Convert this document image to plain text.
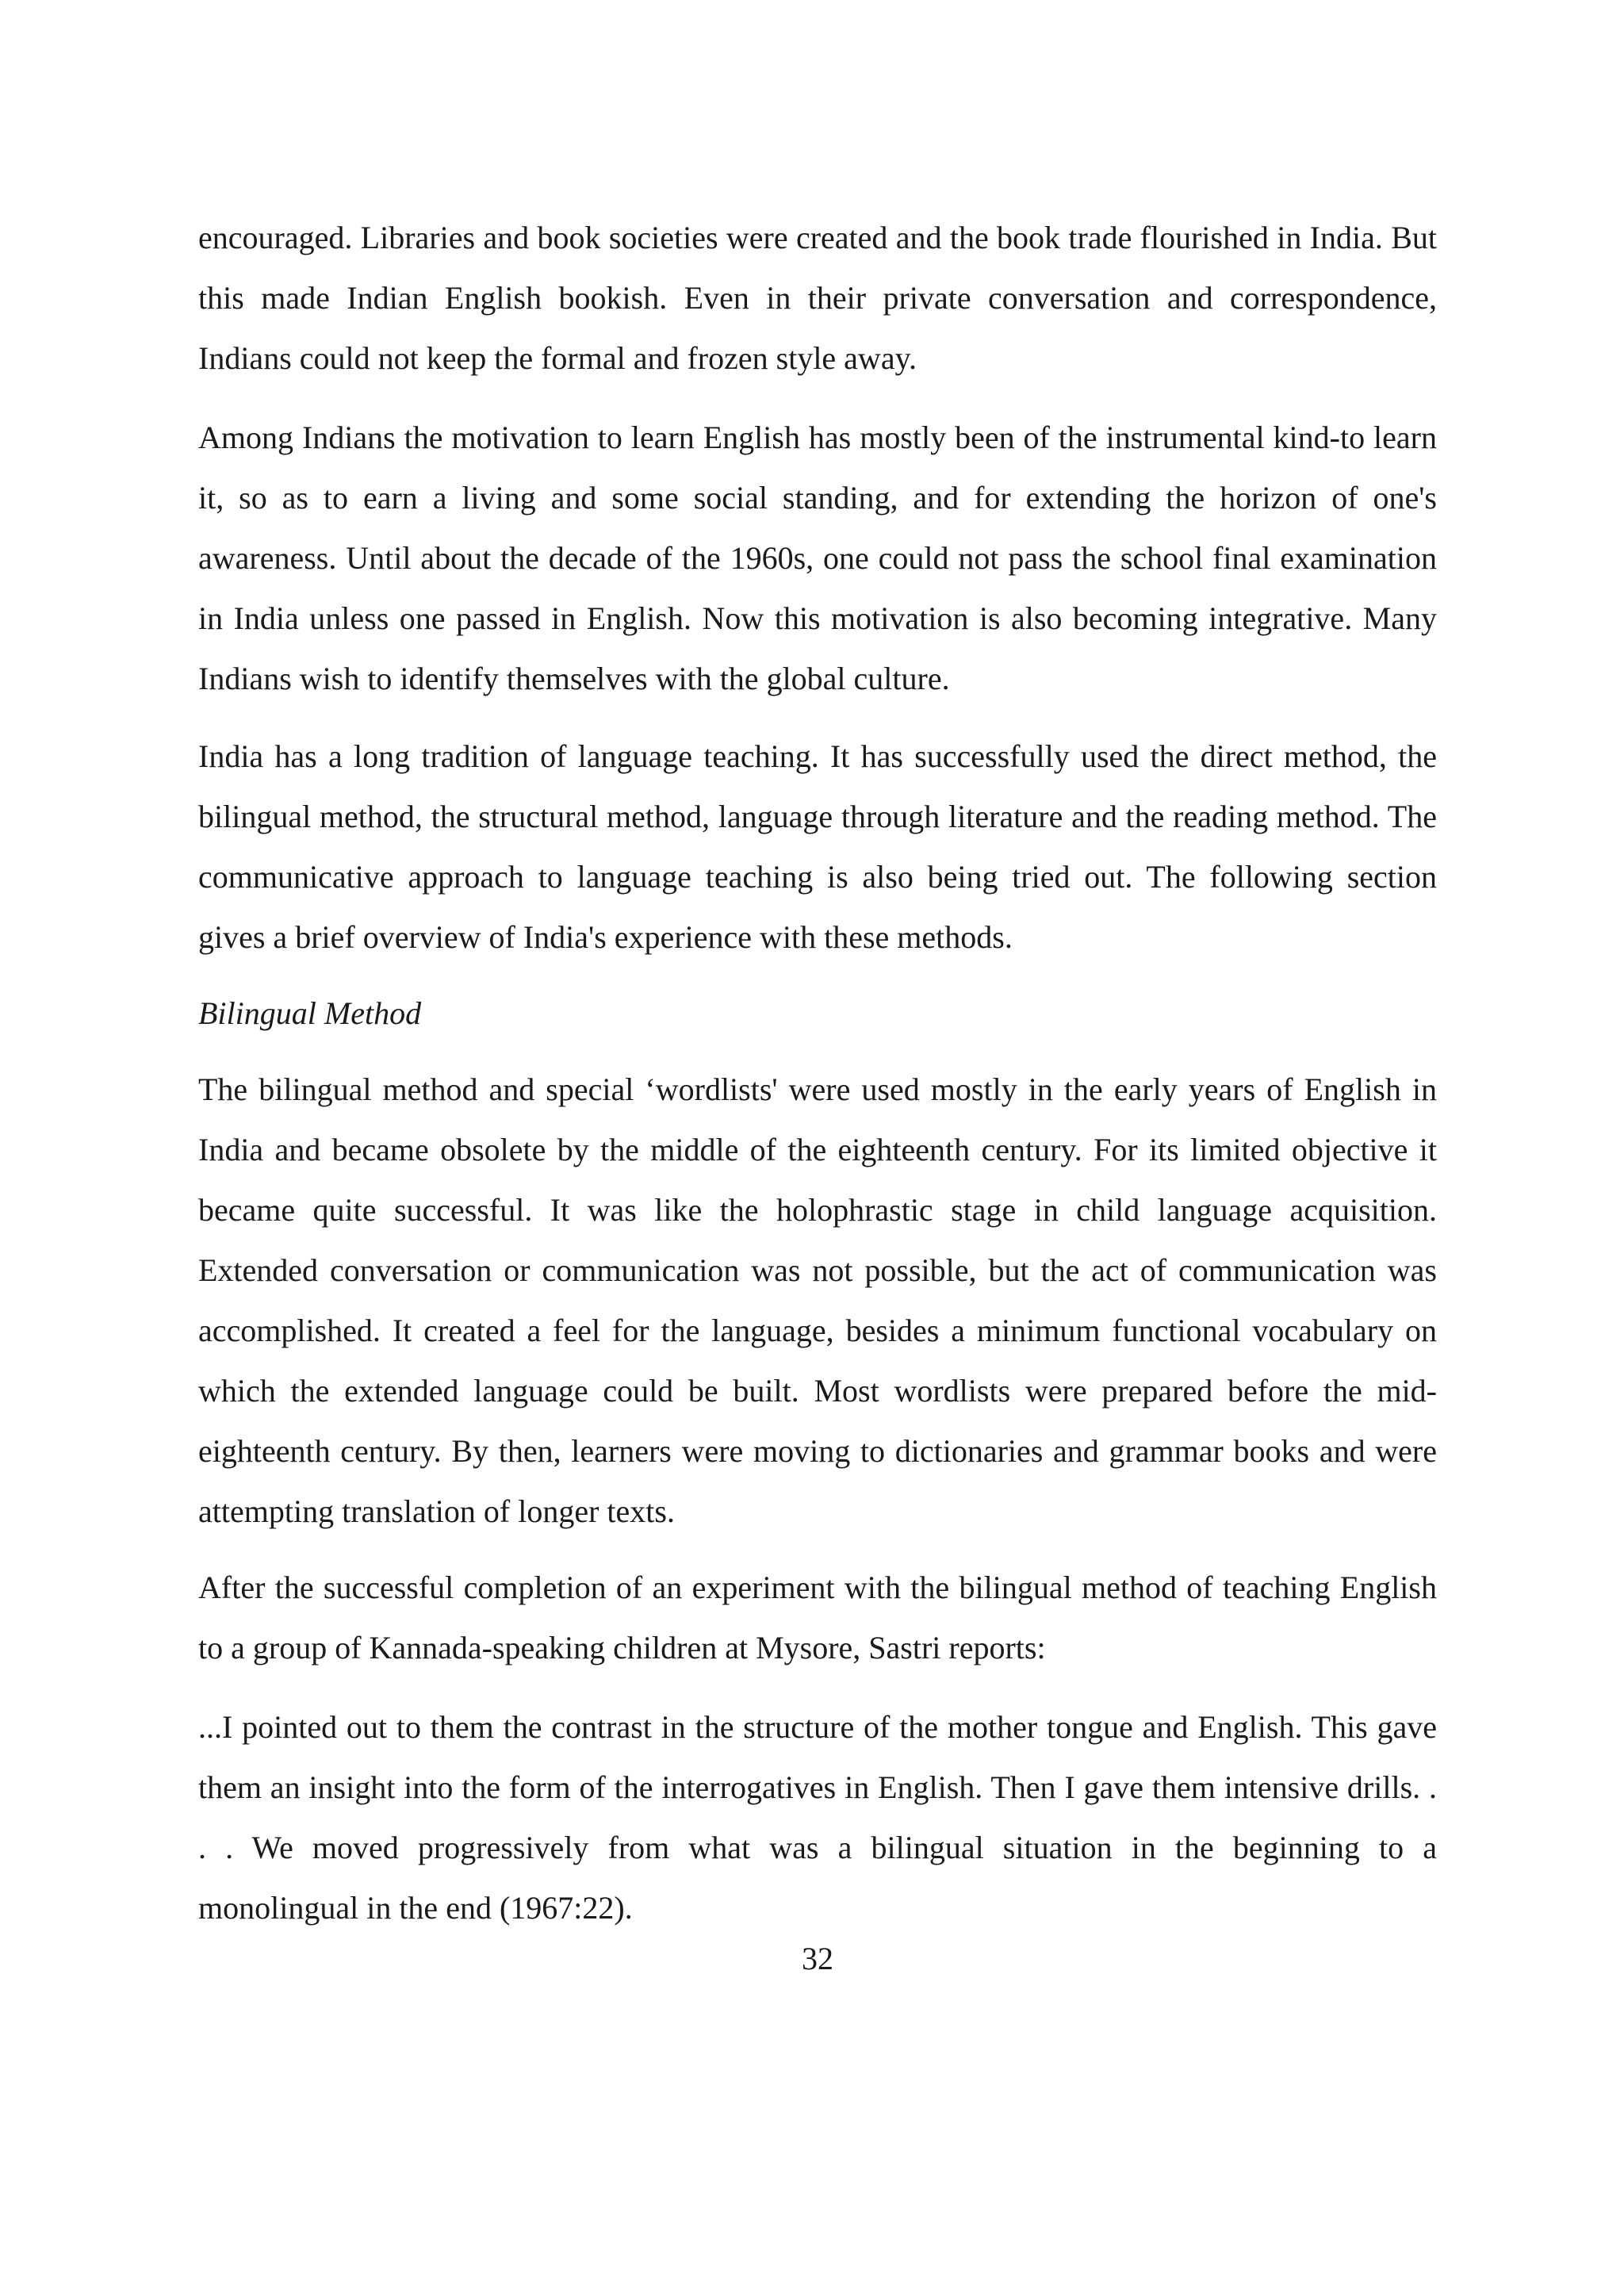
encouraged. Libraries and book societies were created and the book trade flourished in India. But this made Indian English bookish. Even in their private conversation and correspondence, Indians could not keep the formal and frozen style away.

Among Indians the motivation to learn English has mostly been of the instrumental kind-to learn it, so as to earn a living and some social standing, and for extending the horizon of one's awareness. Until about the decade of the 1960s, one could not pass the school final examination in India unless one passed in English. Now this motivation is also becoming integrative. Many Indians wish to identify themselves with the global culture.

India has a long tradition of language teaching. It has successfully used the direct method, the bilingual method, the structural method, language through literature and the reading method. The communicative approach to language teaching is also being tried out. The following section gives a brief overview of India's experience with these methods.

Bilingual Method

The bilingual method and special ‘wordlists' were used mostly in the early years of English in India and became obsolete by the middle of the eighteenth century. For its limited objective it became quite successful. It was like the holophrastic stage in child language acquisition. Extended conversation or communication was not possible, but the act of communication was accomplished. It created a feel for the language, besides a minimum functional vocabulary on which the extended language could be built. Most wordlists were prepared before the mid-eighteenth century. By then, learners were moving to dictionaries and grammar books and were attempting translation of longer texts.

After the successful completion of an experiment with the bilingual method of teaching English to a group of Kannada-speaking children at Mysore, Sastri reports:

...I pointed out to them the contrast in the structure of the mother tongue and English. This gave them an insight into the form of the interrogatives in English. Then I gave them intensive drills. . . . We moved progressively from what was a bilingual situation in the beginning to a monolingual in the end (1967:22).

32
